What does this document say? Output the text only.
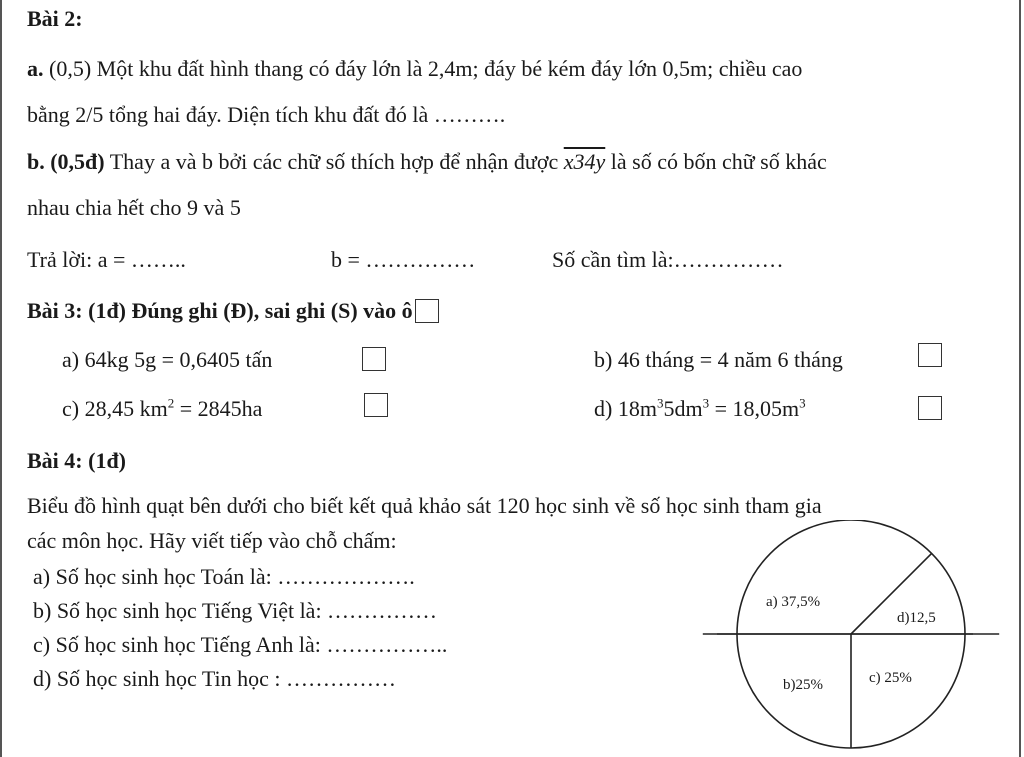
Bài 2:
a. (0,5) Một khu đất hình thang có đáy lớn là 2,4m; đáy bé kém đáy lớn 0,5m; chiều cao
bằng 2/5 tổng hai đáy. Diện tích khu đất đó là ……….
b. (0,5đ) Thay a và b bởi các chữ số thích hợp để nhận được x34y là số có bốn chữ số khác
nhau chia hết cho 9 và 5
Trả lời: a = ……..	b = ……………	Số cần tìm là:……………
Bài 3: (1đ) Đúng ghi (Đ), sai ghi (S) vào ô
a) 64kg 5g = 0,6405 tấn	b) 46 tháng = 4 năm 6 tháng
c) 28,45 $km^2 = 2845ha$	d) $18m^35dm^3 = 18,05m^3$
Bài 4: (1đ)
Biểu đồ hình quạt bên dưới cho biết kết quả khảo sát 120 học sinh về số học sinh tham gia
các môn học. Hãy viết tiếp vào chỗ chấm:
a) Số học sinh học Toán là: ……………….
b) Số học sinh học Tiếng Việt là: ……………
c) Số học sinh học Tiếng Anh là: ……………..
d) Số học sinh học Tin học : ……………
a) 37,5%
d)12,5
c) 25%
b)25%
